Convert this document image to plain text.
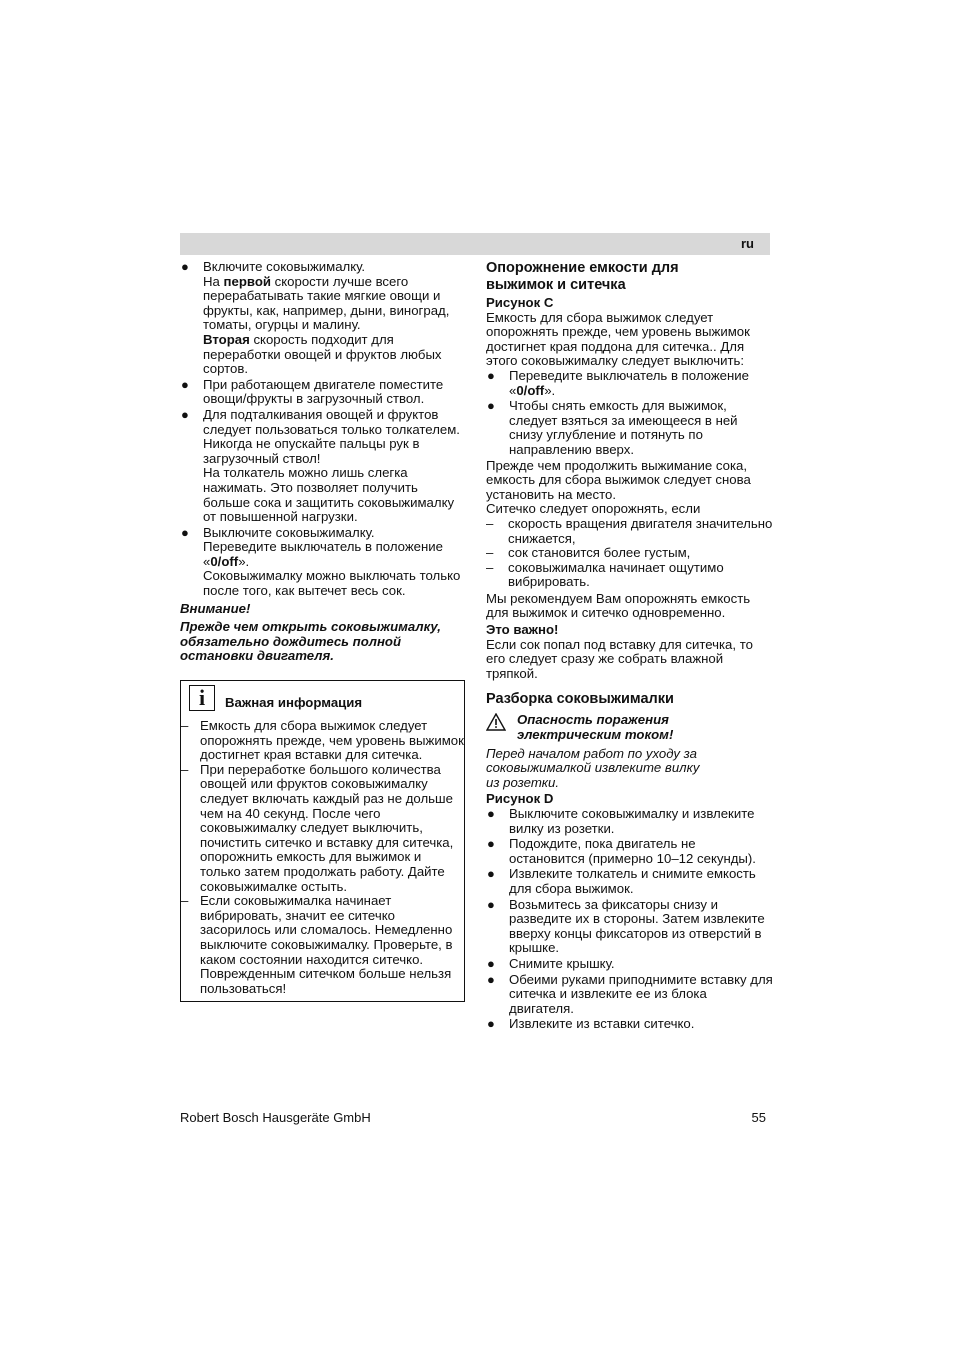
ru
● Включите соковыжималку.
На первой скорости лучше всего перерабатывать такие мягкие овощи и фрукты, как, например, дыни, виноград, томаты, огурцы и малину.
Вторая скорость подходит для переработки овощей и фруктов любых сортов.
● При работающем двигателе поместите овощи/фрукты в загрузочный ствол.
● Для подталкивания овощей и фруктов следует пользоваться только толкателем. Никогда не опускайте пальцы рук в загрузочный ствол!
На толкатель можно лишь слегка нажимать. Это позволяет получить больше сока и защитить соковыжималку от повышенной нагрузки.
● Выключите соковыжималку.
Переведите выключатель в положение «0/off».
Соковыжималку можно выключать только после того, как вытечет весь сок.

Внимание!

Прежде чем открыть соковыжималку, обязательно дождитесь полной остановки двигателя.

i	Важная информация
– Емкость для сбора выжимок следует опорожнять прежде, чем уровень выжимок достигнет края вставки для ситечка.
– При переработке большого количества овощей или фруктов соковыжималку следует включать каждый раз не дольше чем на 40 секунд. После чего соковыжималку следует выключить, почистить ситечко и вставку для ситечка, опорожнить емкость для выжимок и только затем продолжать работу. Дайте соковыжималке остыть.
– Если соковыжималка начинает вибрировать, значит ее ситечко засорилось или сломалось. Немедленно выключите соковыжималку. Проверьте, в каком состоянии находится ситечко. Поврежденным ситечком больше нельзя пользоваться!
Опорожнение емкости для выжимок и ситечка

Рисунок C

Емкость для сбора выжимок следует опорожнять прежде, чем уровень выжимок достигнет края поддона для ситечка.. Для этого соковыжималку следует выключить:

● Переведите выключатель в положение «0/off».
● Чтобы снять емкость для выжимок, следует взяться за имеющееся в ней снизу углубление и потянуть по направлению вверх.

Прежде чем продолжить выжимание сока, емкость для сбора выжимок следует снова установить на место.

Ситечко следует опорожнять, если

– скорость вращения двигателя значительно снижается,
– сок становится более густым,
– соковыжималка начинает ощутимо вибрировать.

Мы рекомендуем Вам опорожнять емкость для выжимок и ситечко одновременно.

Это важно!

Если сок попал под вставку для ситечка, то его следует сразу же собрать влажной тряпкой.

Разборка соковыжималки
Опасность поражения электрическим током!

Перед началом работ по уходу за соковыжималкой извлеките вилку из розетки.

Рисунок D

● Выключите соковыжималку и извлеките вилку из розетки.
● Подождите, пока двигатель не остановится (примерно 10–12 секунды).
● Извлеките толкатель и снимите емкость для сбора выжимок.
● Возьмитесь за фиксаторы снизу и разведите их в стороны. Затем извлеките вверху концы фиксаторов из отверстий в крышке.
● Снимите крышку.
● Обеими руками приподнимите вставку для ситечка и извлеките ее из блока двигателя.
● Извлеките из вставки ситечко.
Robert Bosch Hausgeräte GmbH	55
